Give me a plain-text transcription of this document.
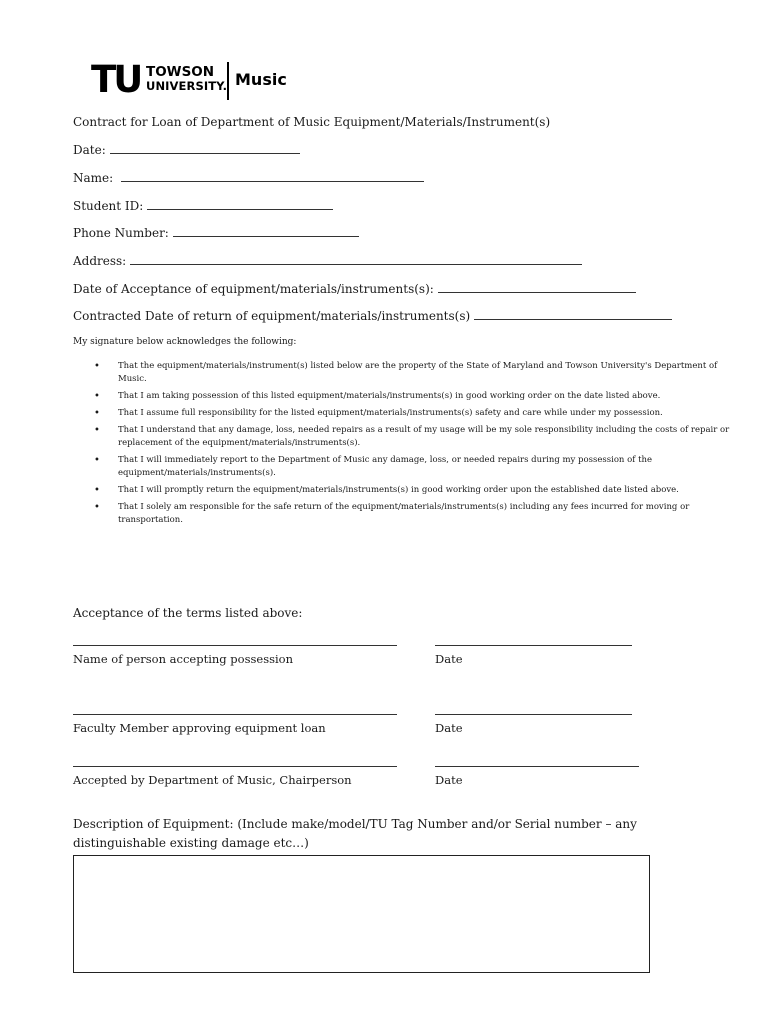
TU TOWSON
UNIVERSITY. Music
Contract for Loan of Department of Music Equipment/Materials/Instrument(s)
Date:
Name:
Student ID:
Phone Number:
Address:
Date of Acceptance of equipment/materials/instruments(s):
Contracted Date of return of equipment/materials/instruments(s)
My signature below acknowledges the following:
• That the equipment/materials/instrument(s) listed below are the property of the State of Maryland and Towson University's Department of Music.
• That I am taking possession of this listed equipment/materials/instruments(s) in good working order on the date listed above.
• That I assume full responsibility for the listed equipment/materials/instruments(s) safety and care while under my possession.
• That I understand that any damage, loss, needed repairs as a result of my usage will be my sole responsibility including the costs of repair or replacement of the equipment/materials/instruments(s).
• That I will immediately report to the Department of Music any damage, loss, or needed repairs during my possession of the equipment/materials/instruments(s).
• That I will promptly return the equipment/materials/instruments(s) in good working order upon the established date listed above.
• That I solely am responsible for the safe return of the equipment/materials/instruments(s) including any fees incurred for moving or transportation.
Acceptance of the terms listed above:
Name of person accepting possession	Date
Faculty Member approving equipment loan	Date
Accepted by Department of Music, Chairperson	Date
Description of Equipment: (Include make/model/TU Tag Number and/or Serial number – any distinguishable existing damage etc…)
